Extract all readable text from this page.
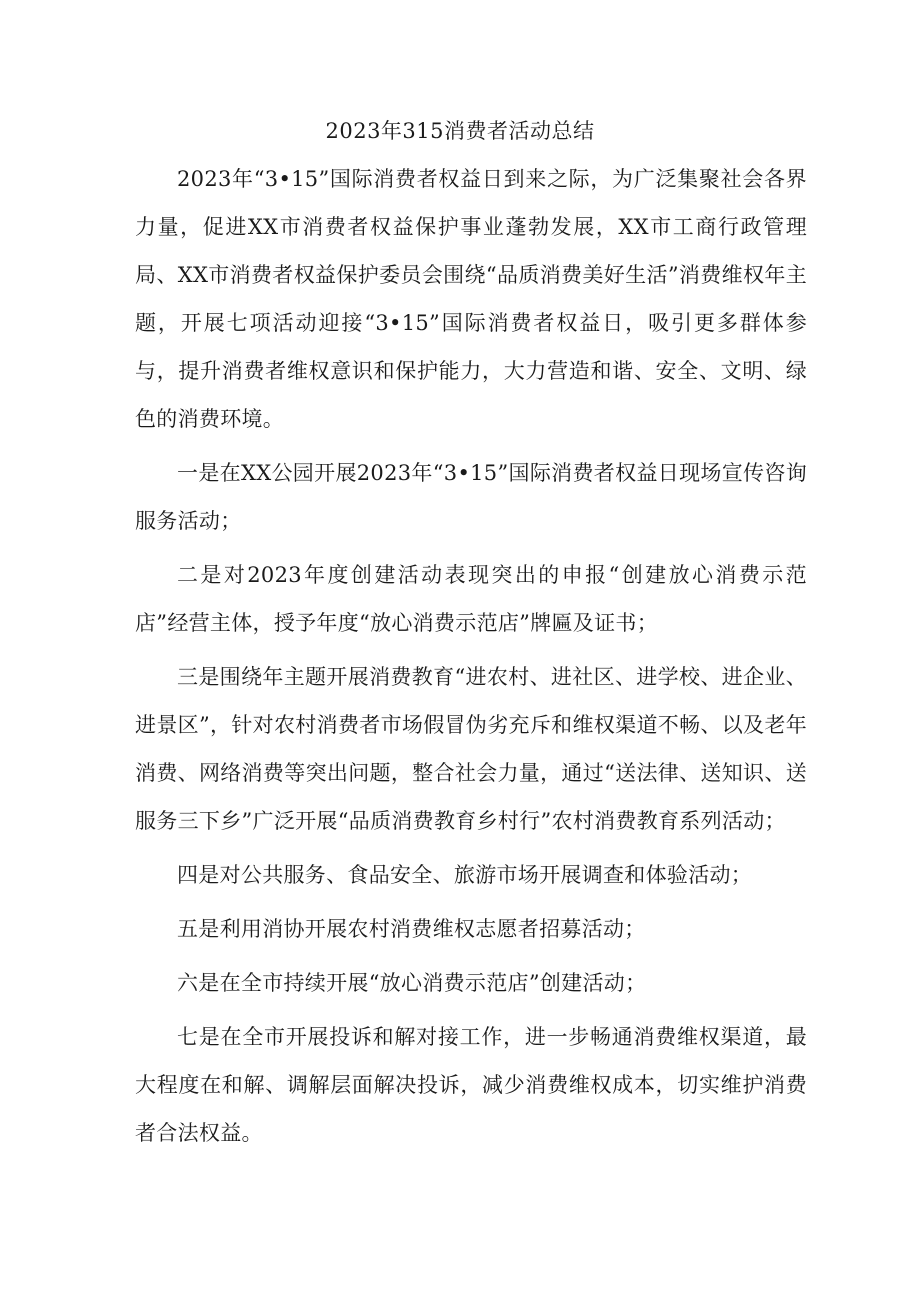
2023年315消费者活动总结

2023年“3•15”国际消费者权益日到来之际，为广泛集聚社会各界力量，促进XX市消费者权益保护事业蓬勃发展，XX市工商行政管理局、XX市消费者权益保护委员会围绕“品质消费美好生活”消费维权年主题，开展七项活动迎接“3•15”国际消费者权益日，吸引更多群体参与，提升消费者维权意识和保护能力，大力营造和谐、安全、文明、绿色的消费环境。

一是在XX公园开展2023年“3•15”国际消费者权益日现场宣传咨询服务活动；

二是对2023年度创建活动表现突出的申报“创建放心消费示范店”经营主体，授予年度“放心消费示范店”牌匾及证书；

三是围绕年主题开展消费教育“进农村、进社区、进学校、进企业、进景区”，针对农村消费者市场假冒伪劣充斥和维权渠道不畅、以及老年消费、网络消费等突出问题，整合社会力量，通过“送法律、送知识、送服务三下乡”广泛开展“品质消费教育乡村行”农村消费教育系列活动；

四是对公共服务、食品安全、旅游市场开展调查和体验活动；

五是利用消协开展农村消费维权志愿者招募活动；

六是在全市持续开展“放心消费示范店”创建活动；

七是在全市开展投诉和解对接工作，进一步畅通消费维权渠道，最大程度在和解、调解层面解决投诉，减少消费维权成本，切实维护消费者合法权益。
